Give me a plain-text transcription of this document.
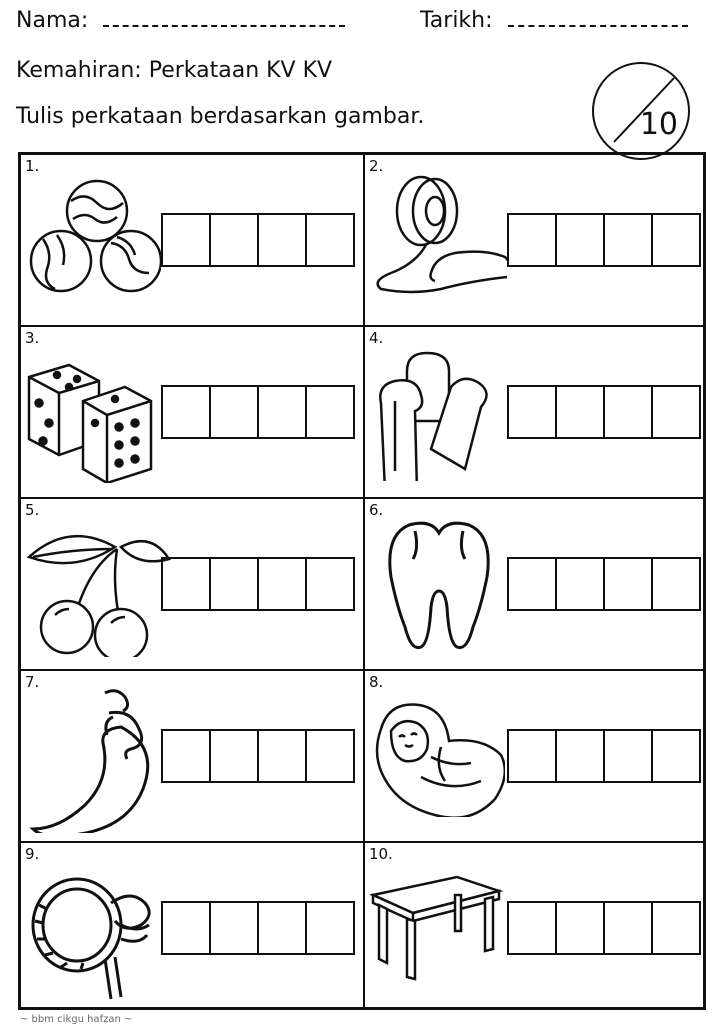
Nama:	Tarikh:
Kemahiran: Perkataan KV KV
Tulis perkataan berdasarkan gambar.	10
1.	2.
3.	4.
5.	6.
7.	8.
9.	10.
~ bbm cikgu hafzan ~
